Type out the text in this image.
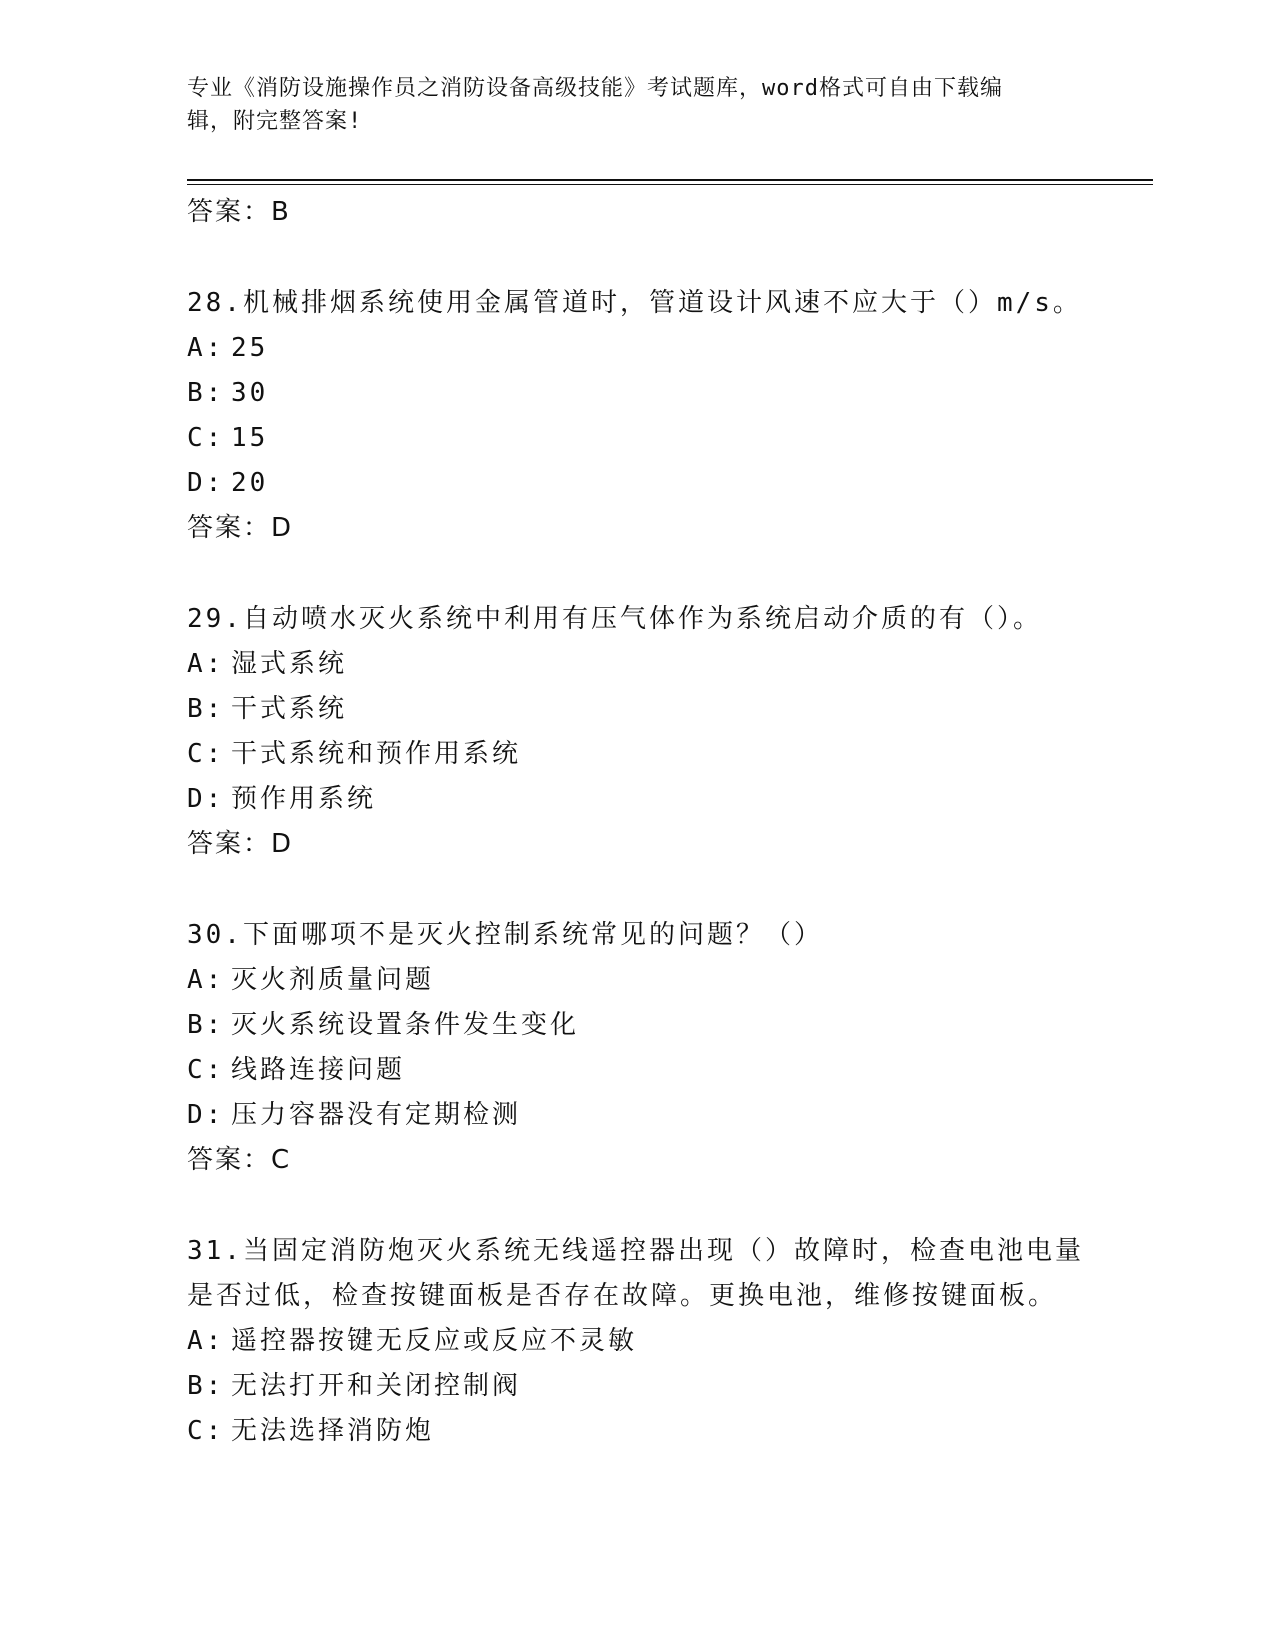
专业《消防设施操作员之消防设备高级技能》考试题库，word格式可自由下载编
辑，附完整答案!
答案：B
28.机械排烟系统使用金属管道时，管道设计风速不应大于（）m/s。
A: 25
B: 30
C: 15
D: 20
答案：D
29.自动喷水灭火系统中利用有压气体作为系统启动介质的有（）。
A: 湿式系统
B: 干式系统
C: 干式系统和预作用系统
D: 预作用系统
答案：D
30.下面哪项不是灭火控制系统常见的问题？（）
A: 灭火剂质量问题
B: 灭火系统设置条件发生变化
C: 线路连接问题
D: 压力容器没有定期检测
答案：C
31.当固定消防炮灭火系统无线遥控器出现（）故障时，检查电池电量
是否过低，检查按键面板是否存在故障。更换电池，维修按键面板。
A: 遥控器按键无反应或反应不灵敏
B: 无法打开和关闭控制阀
C: 无法选择消防炮
